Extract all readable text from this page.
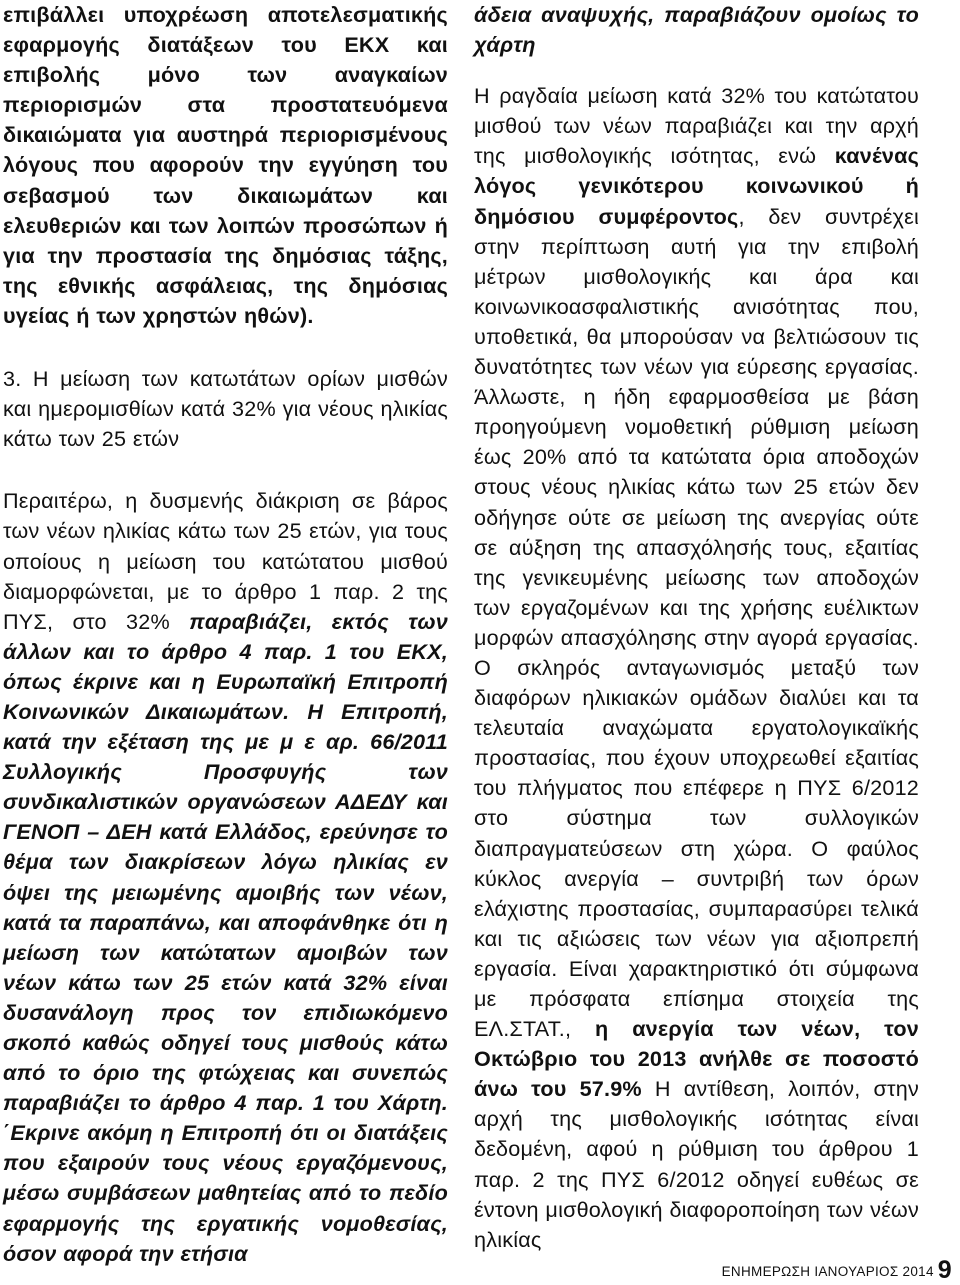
επιβάλλει υποχρέωση αποτελεσματικής εφαρμογής διατάξεων του ΕΚΧ και επιβολής μόνο των αναγκαίων περιορισμών στα προστατευόμενα δικαιώματα για αυστηρά περιορισμένους λόγους που αφορούν την εγγύηση του σεβασμού των δικαιωμάτων και ελευθεριών και των λοιπών προσώπων ή για την προστασία της δημόσιας τάξης, της εθνικής ασφάλειας, της δημόσιας υγείας ή των χρηστών ηθών).

3. Η μείωση των κατωτάτων ορίων μισθών και ημερομισθίων κατά 32% για νέους ηλικίας κάτω των 25 ετών

Περαιτέρω, η δυσμενής διάκριση σε βάρος των νέων ηλικίας κάτω των 25 ετών, για τους οποίους η μείωση του κατώτατου μισθού διαμορφώνεται, με το άρθρο 1 παρ. 2 της ΠΥΣ, στο 32% παραβιάζει, εκτός των άλλων και το άρθρο 4 παρ. 1 του ΕΚΧ, όπως έκρινε και η Ευρωπαϊκή Επιτροπή Κοινωνικών Δικαιωμάτων. Η Επιτροπή, κατά την εξέταση της με μ ε αρ. 66/2011 Συλλογικής Προσφυγής των συνδικαλιστικών οργανώσεων ΑΔΕΔΥ και ΓΕΝΟΠ – ΔΕΗ κατά Ελλάδος, ερεύνησε το θέμα των διακρίσεων λόγω ηλικίας εν όψει της μειωμένης αμοιβής των νέων, κατά τα παραπάνω, και αποφάνθηκε ότι η μείωση των κατώτατων αμοιβών των νέων κάτω των 25 ετών κατά 32% είναι δυσανάλογη προς τον επιδιωκόμενο σκοπό καθώς οδηγεί τους μισθούς κάτω από το όριο της φτώχειας και συνεπώς παραβιάζει το άρθρο 4 παρ. 1 του Χάρτη. ΄Εκρινε ακόμη η Επιτροπή ότι οι διατάξεις που εξαιρούν τους νέους εργαζόμενους, μέσω συμβάσεων μαθητείας από το πεδίο εφαρμογής της εργατικής νομοθεσίας, όσον αφορά την ετήσια

άδεια αναψυχής, παραβιάζουν ομοίως το χάρτη

Η ραγδαία μείωση κατά 32% του κατώτατου μισθού των νέων παραβιάζει και την αρχή της μισθολογικής ισότητας, ενώ κανένας λόγος γενικότερου κοινωνικού ή δημόσιου συμφέροντος, δεν συντρέχει στην περίπτωση αυτή για την επιβολή μέτρων μισθολογικής και άρα και κοινωνικοασφαλιστικής ανισότητας που, υποθετικά, θα μπορούσαν να βελτιώσουν τις δυνατότητες των νέων για εύρεσης εργασίας. Άλλωστε, η ήδη εφαρμοσθείσα με βάση προηγούμενη νομοθετική ρύθμιση μείωση έως 20% από τα κατώτατα όρια αποδοχών στους νέους ηλικίας κάτω των 25 ετών δεν οδήγησε ούτε σε μείωση της ανεργίας ούτε σε αύξηση της απασχόλησής τους, εξαιτίας της γενικευμένης μείωσης των αποδοχών των εργαζομένων και της χρήσης ευέλικτων μορφών απασχόλησης στην αγορά εργασίας. Ο σκληρός ανταγωνισμός μεταξύ των διαφόρων ηλικιακών ομάδων διαλύει και τα τελευταία αναχώματα εργατολογικαϊκής προστασίας, που έχουν υποχρεωθεί εξαιτίας του πλήγματος που επέφερε η ΠΥΣ 6/2012 στο σύστημα των συλλογικών διαπραγματεύσεων στη χώρα. Ο φαύλος κύκλος ανεργία – συντριβή των όρων ελάχιστης προστασίας, συμπαρασύρει τελικά και τις αξιώσεις των νέων για αξιοπρεπή εργασία. Είναι χαρακτηριστικό ότι σύμφωνα με πρόσφατα επίσημα στοιχεία της ΕΛ.ΣΤΑΤ., η ανεργία των νέων, τον Οκτώβριο του 2013 ανήλθε σε ποσοστό άνω του 57.9% Η αντίθεση, λοιπόν, στην αρχή της μισθολογικής ισότητας είναι δεδομένη, αφού η ρύθμιση του άρθρου 1 παρ. 2 της ΠΥΣ 6/2012 οδηγεί ευθέως σε έντονη μισθολογική διαφοροποίηση των νέων ηλικίας

ΕΝΗΜΕΡΩΣΗ ΙΑΝΟΥΑΡΙΟΣ 2014 9
